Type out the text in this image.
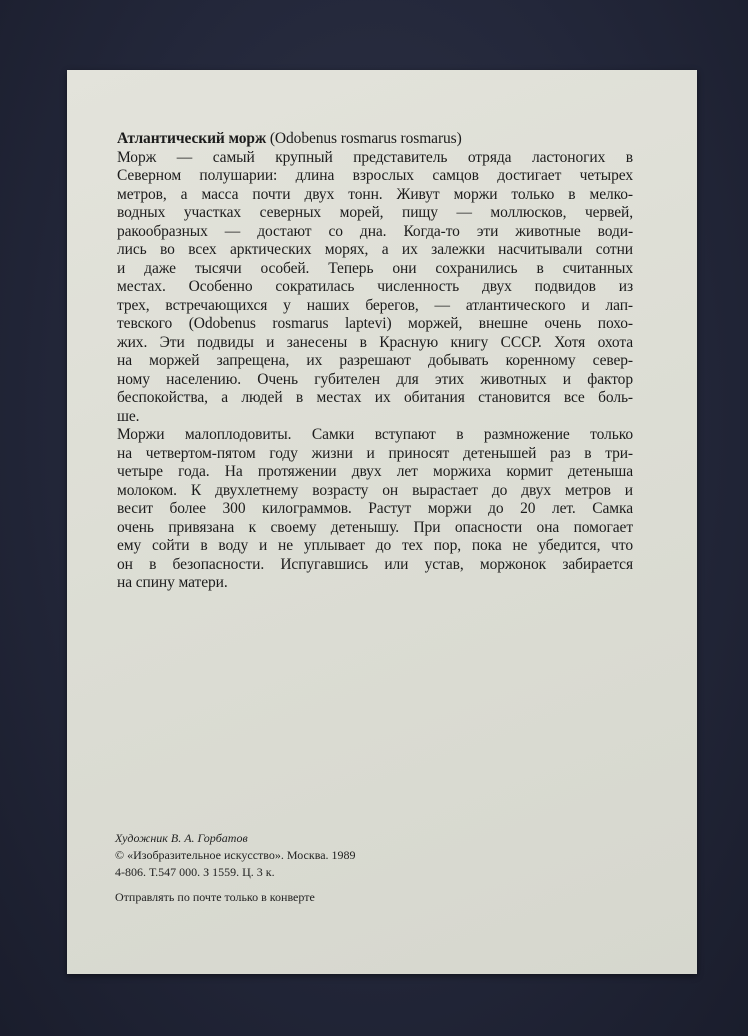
Атлантический морж (Odobenus rosmarus rosmarus)
Морж — самый крупный представитель отряда ластоногих в
Северном полушарии: длина взрослых самцов достигает четырех
метров, а масса почти двух тонн. Живут моржи только в мелко-
водных участках северных морей, пищу — моллюсков, червей,
ракообразных — достают со дна. Когда-то эти животные води-
лись во всех арктических морях, а их залежки насчитывали сотни
и даже тысячи особей. Теперь они сохранились в считанных
местах. Особенно сократилась численность двух подвидов из
трех, встречающихся у наших берегов, — атлантического и лап-
тевского (Odobenus rosmarus laptevi) моржей, внешне очень похо-
жих. Эти подвиды и занесены в Красную книгу СССР. Хотя охота
на моржей запрещена, их разрешают добывать коренному север-
ному населению. Очень губителен для этих животных и фактор
беспокойства, а людей в местах их обитания становится все боль-
ше.
Моржи малоплодовиты. Самки вступают в размножение только
на четвертом-пятом году жизни и приносят детенышей раз в три-
четыре года. На протяжении двух лет моржиха кормит детеныша
молоком. К двухлетнему возрасту он вырастает до двух метров и
весит более 300 килограммов. Растут моржи до 20 лет. Самка
очень привязана к своему детенышу. При опасности она помогает
ему сойти в воду и не уплывает до тех пор, пока не убедится, что
он в безопасности. Испугавшись или устав, моржонок забирается
на спину матери.
Художник В. А. Горбатов
© «Изобразительное искусство». Москва. 1989
4-806. Т.547 000. З 1559. Ц. 3 к.
Отправлять по почте только в конверте
